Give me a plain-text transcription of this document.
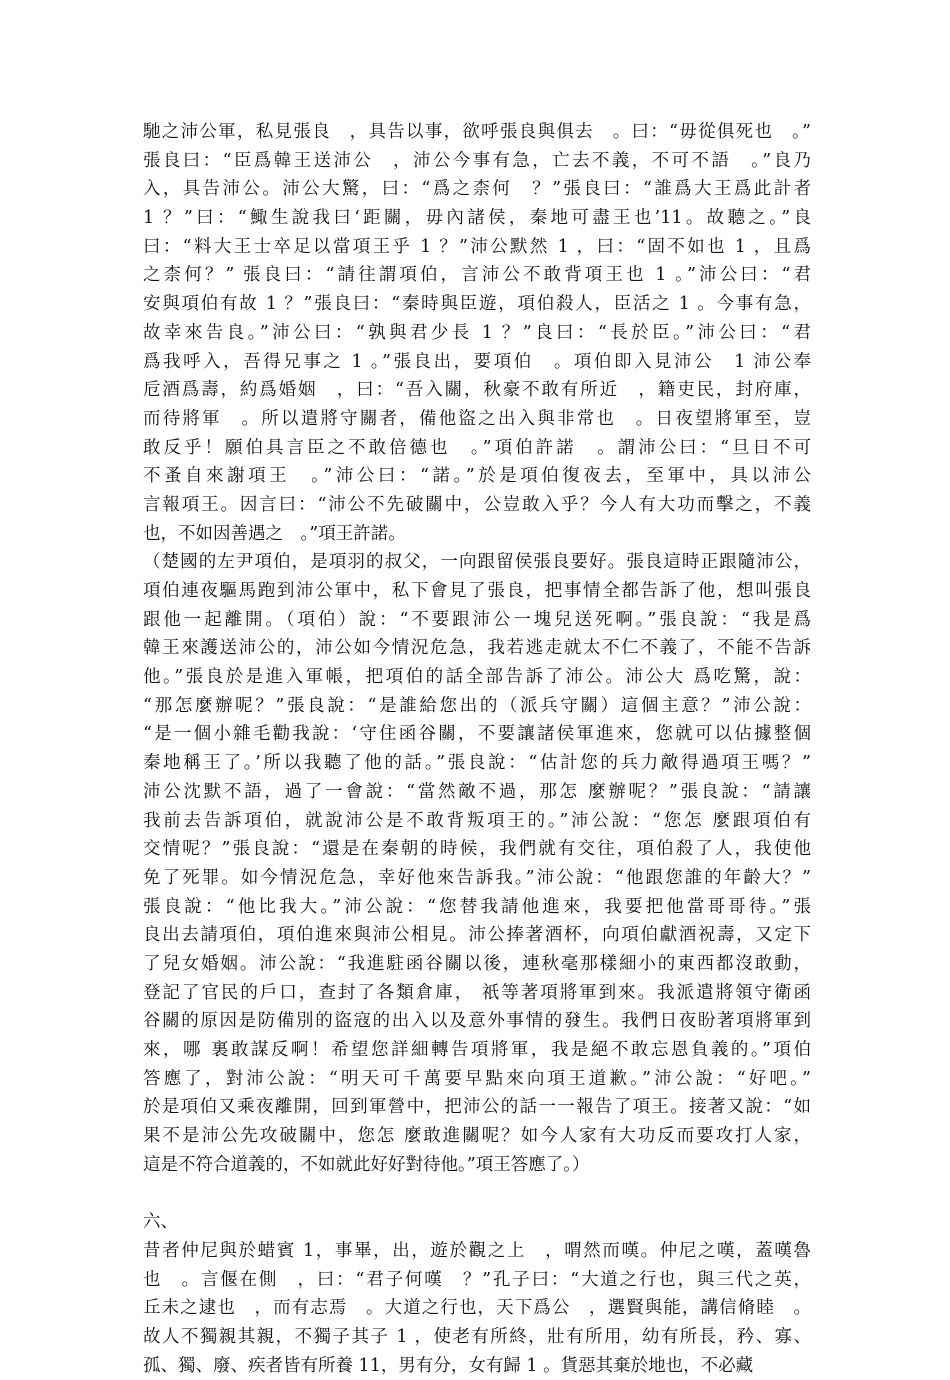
馳之沛公軍，私見張良　，具告以事，欲呼張良與俱去　。曰：“毋從俱死也　。”
張良曰：“臣爲韓王送沛公　，沛公今事有急，亡去不義，不可不語　。”良乃
入，具告沛公。沛公大驚，曰：“爲之柰何　？”張良曰：“誰爲大王爲此計者
1 ？”曰：“鯫生說我曰‘距關，毋內諸侯，秦地可盡王也’11。故聽之。”良
曰：“料大王士卒足以當項王乎 1 ？”沛公默然 1 ，曰：“固不如也 1 ，且爲
之柰何？” 張良曰：“請往謂項伯，言沛公不敢背項王也 1 。”沛公曰：“君
安與項伯有故 1 ？”張良曰：“秦時與臣遊，項伯殺人，臣活之 1 。今事有急，
故幸來告良。”沛公曰：“孰與君少長 1 ？”良曰：“長於臣。”沛公曰：“君
爲我呼入，吾得兄事之 1 。”張良出，要項伯　。項伯即入見沛公　1 沛公奉
卮酒爲壽，約爲婚姻　，曰：“吾入關，秋豪不敢有所近　，籍吏民，封府庫，
而待將軍　。所以遣將守關者，備他盜之出入與非常也　。日夜望將軍至，豈
敢反乎！願伯具言臣之不敢倍德也　。”項伯許諾　。謂沛公曰：“旦日不可
不蚤自來謝項王　。”沛公曰：“諾。”於是項伯復夜去，至軍中，具以沛公
言報項王。因言曰：“沛公不先破關中，公豈敢入乎？今人有大功而擊之，不義
也，不如因善遇之　。”項王許諾。
（楚國的左尹項伯，是項羽的叔父，一向跟留侯張良要好。張良這時正跟隨沛公，
項伯連夜驅馬跑到沛公軍中，私下會見了張良，把事情全都告訴了他，想叫張良
跟他一起離開。（項伯）說：“不要跟沛公一塊兒送死啊。”張良說：“我是爲
韓王來護送沛公的，沛公如今情況危急，我若逃走就太不仁不義了，不能不告訴
他。”張良於是進入軍帳，把項伯的話全部告訴了沛公。沛公大 爲吃驚，說：
“那怎麼辦呢？”張良說：“是誰給您出的（派兵守關）這個主意？”沛公說：
“是一個小雜毛勸我說：‘守住函谷關，不要讓諸侯軍進來，您就可以佔據整個
秦地稱王了。’所以我聽了他的話。”張良說：“估計您的兵力敵得過項王嗎？”
沛公沈默不語，過了一會說：“當然敵不過，那怎 麼辦呢？”張良說：“請讓
我前去告訴項伯，就說沛公是不敢背叛項王的。”沛公說：“您怎 麼跟項伯有
交情呢？”張良說：“還是在秦朝的時候，我們就有交往，項伯殺了人，我使他
免了死罪。如今情況危急，幸好他來告訴我。”沛公說：“他跟您誰的年齡大？”
張良說：“他比我大。”沛公說：“您替我請他進來，我要把他當哥哥待。”張
良出去請項伯，項伯進來與沛公相見。沛公捧著酒杯，向項伯獻酒祝壽，又定下
了兒女婚姻。沛公說：“我進駐函谷關以後，連秋毫那樣細小的東西都沒敢動，
登記了官民的戶口，查封了各類倉庫， 祇等著項將軍到來。我派遣將領守衛函
谷關的原因是防備別的盜寇的出入以及意外事情的發生。我們日夜盼著項將軍到
來，哪 裏敢謀反啊！希望您詳細轉告項將軍，我是絕不敢忘恩負義的。”項伯
答應了，對沛公說：“明天可千萬要早點來向項王道歉。”沛公說：“好吧。”
於是項伯又乘夜離開，回到軍營中，把沛公的話一一報告了項王。接著又說：“如
果不是沛公先攻破關中，您怎 麼敢進關呢？如今人家有大功反而要攻打人家，
這是不符合道義的，不如就此好好對待他。”項王答應了。）
六、
昔者仲尼與於蜡賓 1，事畢，出，遊於觀之上　，喟然而嘆。仲尼之嘆，蓋嘆魯
也　。言偃在側　，曰：“君子何嘆　？”孔子曰：“大道之行也，與三代之英，
丘未之逮也　，而有志焉　。大道之行也，天下爲公　，選賢與能，講信脩睦　。
故人不獨親其親，不獨子其子 1 ，使老有所終，壯有所用，幼有所長，矜、寡、
孤、獨、廢、疾者皆有所養 11，男有分，女有歸 1 。貨惡其棄於地也，不必藏
